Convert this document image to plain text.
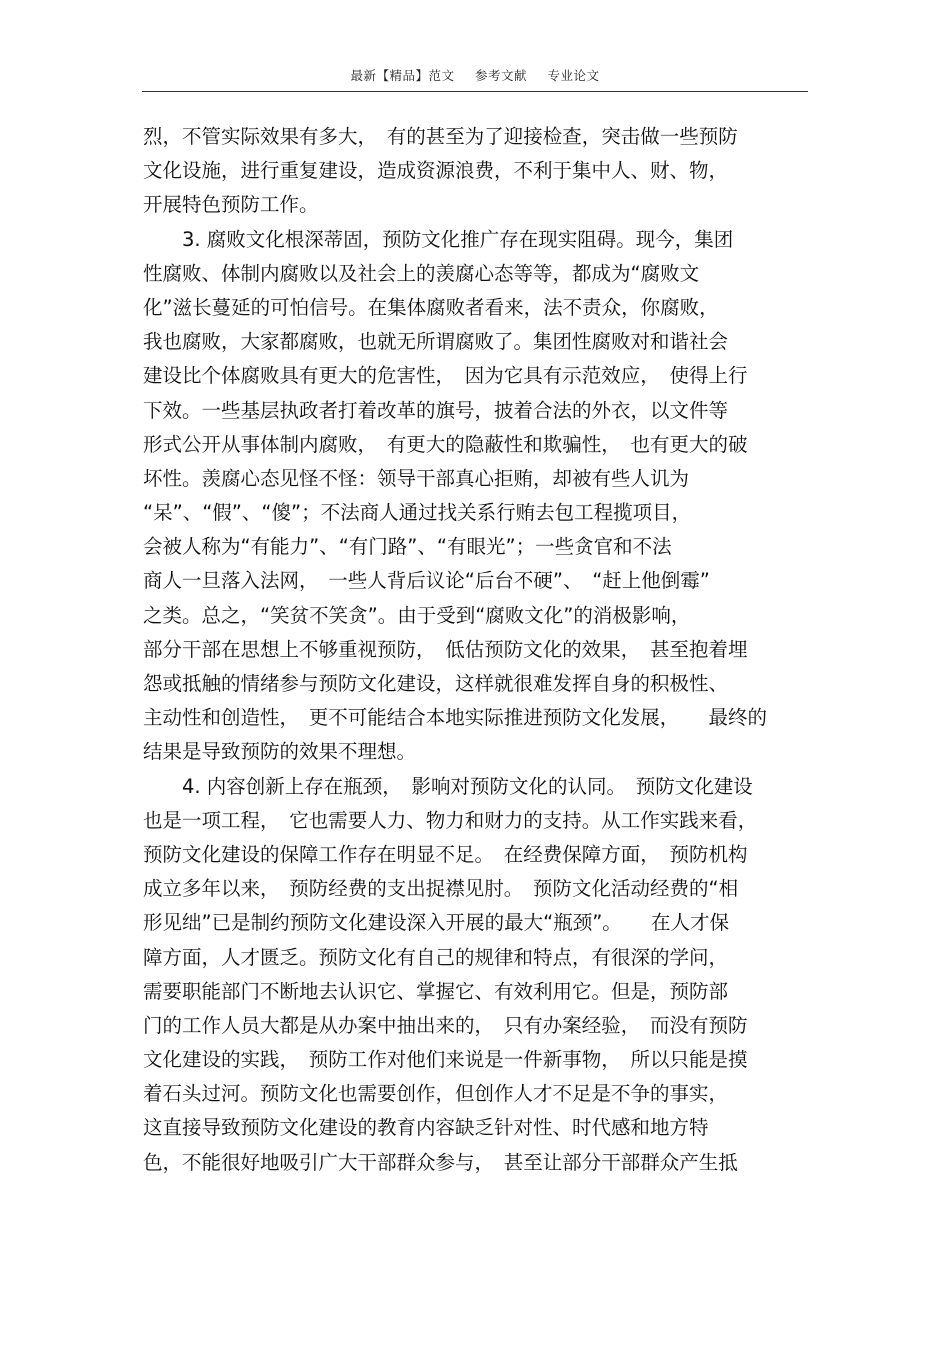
最新【精品】范文 参考文献 专业论文
烈，不管实际效果有多大，　有的甚至为了迎接检查，突击做一些预防
文化设施，进行重复建设，造成资源浪费，不利于集中人、财、物，
开展特色预防工作。
　　3. 腐败文化根深蒂固，预防文化推广存在现实阻碍。现今，集团
性腐败、体制内腐败以及社会上的羡腐心态等等，都成为“腐败文
化”滋长蔓延的可怕信号。在集体腐败者看来，法不责众，你腐败，
我也腐败，大家都腐败，也就无所谓腐败了。集团性腐败对和谐社会
建设比个体腐败具有更大的危害性，　因为它具有示范效应，　使得上行
下效。一些基层执政者打着改革的旗号，披着合法的外衣，以文件等
形式公开从事体制内腐败，　有更大的隐蔽性和欺骗性，　也有更大的破
坏性。羡腐心态见怪不怪：领导干部真心拒贿，却被有些人讥为
“呆”、“假”、“傻”；不法商人通过找关系行贿去包工程揽项目，
会被人称为“有能力”、“有门路”、“有眼光”；一些贪官和不法
商人一旦落入法网，　一些人背后议论“后台不硬”、　“赶上他倒霉”
之类。总之，“笑贫不笑贪”。由于受到“腐败文化”的消极影响，
部分干部在思想上不够重视预防，　低估预防文化的效果，　甚至抱着埋
怨或抵触的情绪参与预防文化建设，这样就很难发挥自身的积极性、
主动性和创造性，　更不可能结合本地实际推进预防文化发展，　　最终的
结果是导致预防的效果不理想。
　　4. 内容创新上存在瓶颈，　影响对预防文化的认同。　预防文化建设
也是一项工程，　它也需要人力、物力和财力的支持。从工作实践来看，
预防文化建设的保障工作存在明显不足。　在经费保障方面，　预防机构
成立多年以来，　预防经费的支出捉襟见肘。　预防文化活动经费的“相
形见绌”已是制约预防文化建设深入开展的最大“瓶颈”。　　在人才保
障方面，人才匮乏。预防文化有自己的规律和特点，有很深的学问，
需要职能部门不断地去认识它、掌握它、有效利用它。但是，预防部
门的工作人员大都是从办案中抽出来的，　只有办案经验，　而没有预防
文化建设的实践，　预防工作对他们来说是一件新事物，　所以只能是摸
着石头过河。预防文化也需要创作，但创作人才不足是不争的事实，
这直接导致预防文化建设的教育内容缺乏针对性、时代感和地方特
色，不能很好地吸引广大干部群众参与，　甚至让部分干部群众产生抵
